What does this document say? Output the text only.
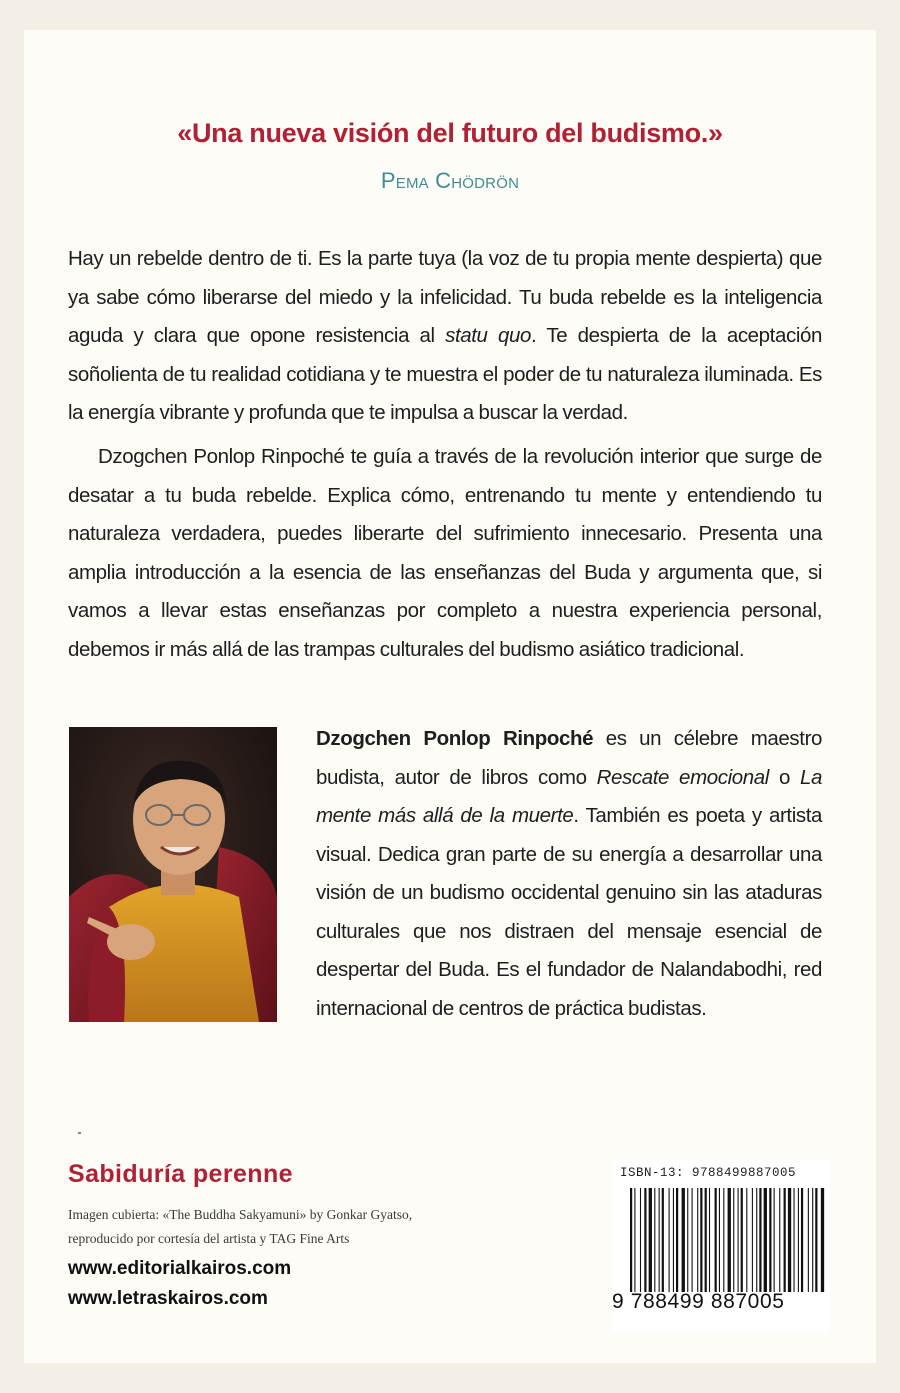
«Una nueva visión del futuro del budismo.»
Pema Chödrön
Hay un rebelde dentro de ti. Es la parte tuya (la voz de tu propia mente despierta) que ya sabe cómo liberarse del miedo y la infelicidad. Tu buda rebelde es la inteligencia aguda y clara que opone resistencia al statu quo. Te despierta de la aceptación soñolienta de tu realidad cotidiana y te muestra el poder de tu naturaleza iluminada. Es la energía vibrante y profunda que te impulsa a buscar la verdad.
Dzogchen Ponlop Rinpoché te guía a través de la revolución interior que surge de desatar a tu buda rebelde. Explica cómo, entrenando tu mente y entendiendo tu naturaleza verdadera, puedes liberarte del sufrimiento innecesario. Presenta una amplia introducción a la esencia de las enseñanzas del Buda y argumenta que, si vamos a llevar estas enseñanzas por completo a nuestra experiencia personal, debemos ir más allá de las trampas culturales del budismo asiático tradicional.
Dzogchen Ponlop Rinpoché es un célebre maestro budista, autor de libros como Rescate emocional o La mente más allá de la muerte. También es poeta y artista visual. Dedica gran parte de su energía a desarrollar una visión de un budismo occidental genuino sin las ataduras culturales que nos distraen del mensaje esencial de despertar del Buda. Es el fundador de Nalandabodhi, red internacional de centros de práctica budistas.
Sabiduría perenne
Imagen cubierta: «The Buddha Sakyamuni» by Gonkar Gyatso,
reproducido por cortesía del artista y TAG Fine Arts
www.editorialkairos.com
www.letraskairos.com
ISBN-13: 9788499887005
9 788499 887005
